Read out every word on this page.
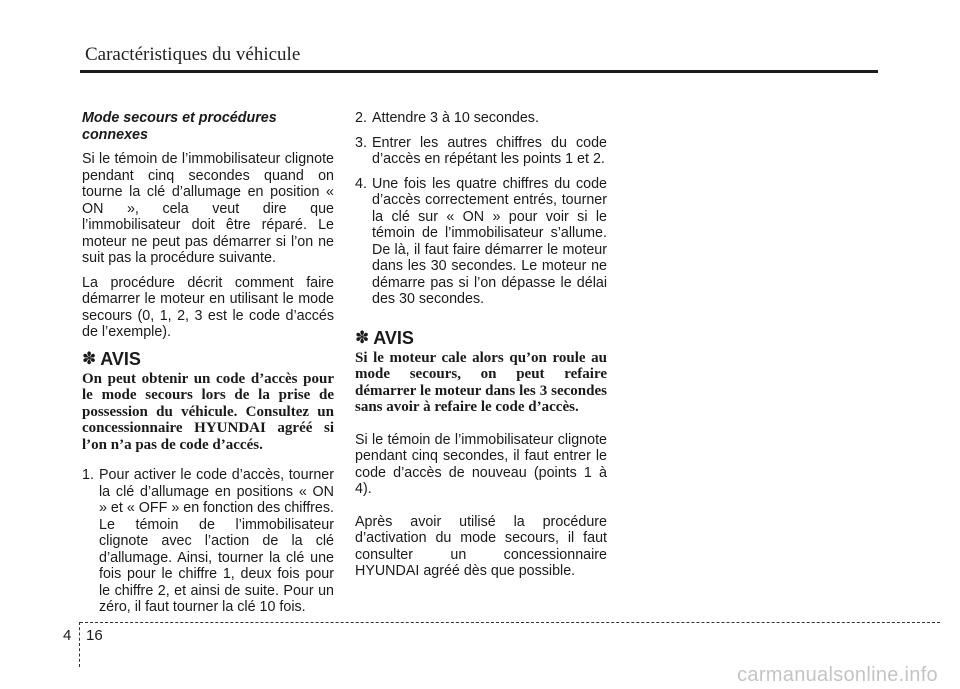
Caractéristiques du véhicule

Mode secours et procédures connexes

Si le témoin de l’immobilisateur clignote pendant cinq secondes quand on tourne la clé d’allumage en position « ON », cela veut dire que l’immobilisateur doit être réparé. Le moteur ne peut pas démarrer si l’on ne suit pas la procédure suivante.

La procédure décrit comment faire démarrer le moteur en utilisant le mode secours (0, 1, 2, 3 est le code d’accés de l’exemple).

✽ AVIS

On peut obtenir un code d’accès pour le mode secours lors de la prise de possession du véhicule. Consultez un concessionnaire HYUNDAI agréé si l’on n’a pas de code d’accés.

1. Pour activer le code d’accès, tourner la clé d’allumage en positions « ON » et « OFF » en fonction des chiffres. Le témoin de l’immobilisateur clignote avec l’action de la clé d’allumage. Ainsi, tourner la clé une fois pour le chiffre 1, deux fois pour le chiffre 2, et ainsi de suite. Pour un zéro, il faut tourner la clé 10 fois.
2. Attendre 3 à 10 secondes.
3. Entrer les autres chiffres du code d’accès en répétant les points 1 et 2.
4. Une fois les quatre chiffres du code d’accès correctement entrés, tourner la clé sur « ON » pour voir si le témoin de l’immobilisateur s’allume. De là, il faut faire démarrer le moteur dans les 30 secondes. Le moteur ne démarre pas si l’on dépasse le délai des 30 secondes.
✽ AVIS

Si le moteur cale alors qu’on roule au mode secours, on peut refaire démarrer le moteur dans les 3 secondes sans avoir à refaire le code d’accès.

Si le témoin de l’immobilisateur clignote pendant cinq secondes, il faut entrer le code d’accès de nouveau (points 1 à 4).

Après avoir utilisé la procédure d’activation du mode secours, il faut consulter un concessionnaire HYUNDAI agréé dès que possible.

4 16
carmanualsonline.info
